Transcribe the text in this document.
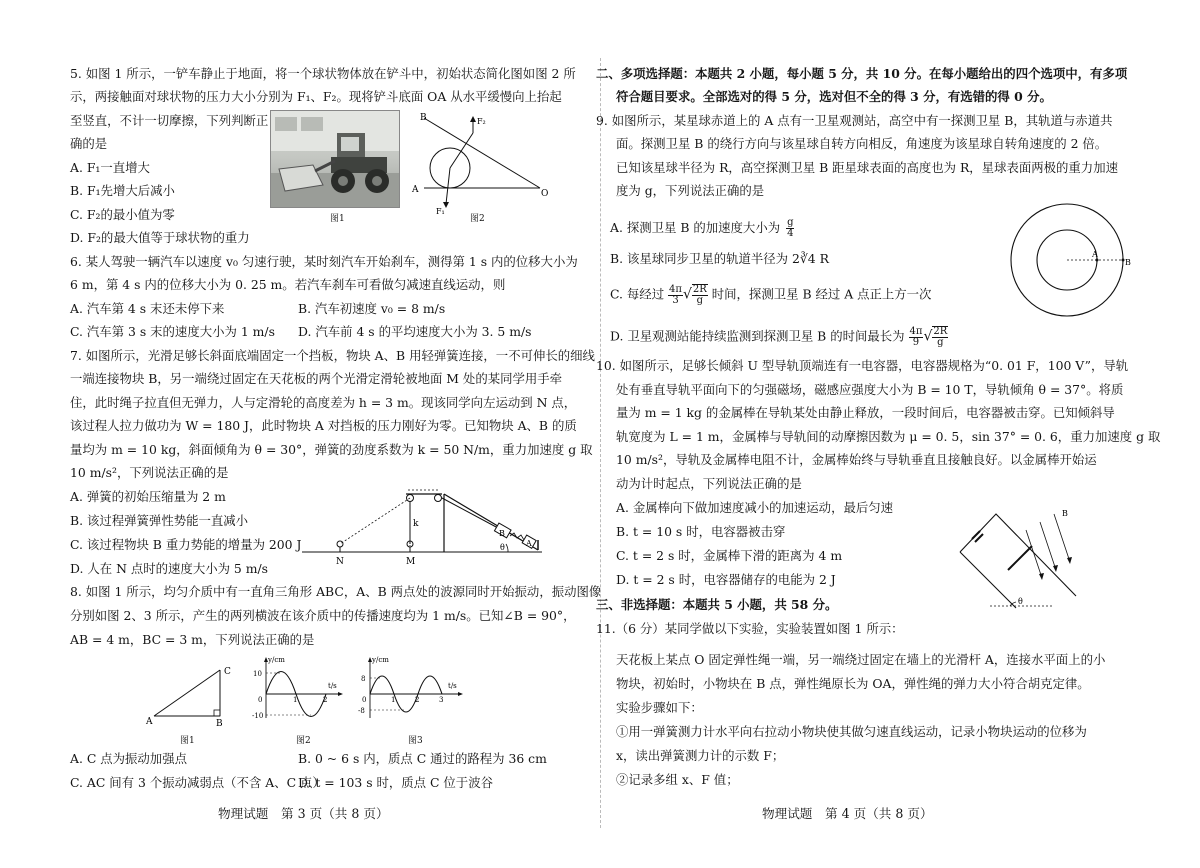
5. 如图 1 所示，一铲车静止于地面，将一个球状物体放在铲斗中，初始状态简化图如图 2 所
示，两接触面对球状物的压力大小分别为 F₁、F₂。现将铲斗底面 OA 从水平缓慢向上抬起
至竖直，不计一切摩擦，下列判断正
确的是
A. F₁一直增大
B. F₁先增大后减小
C. F₂的最小值为零
D. F₂的最大值等于球状物的重力
图1
B
A	O
F₂
F₁
图2
6. 某人驾驶一辆汽车以速度 v₀ 匀速行驶，某时刻汽车开始刹车，测得第 1 s 内的位移大小为
6 m，第 4 s 内的位移大小为 0. 25 m。若汽车刹车可看做匀减速直线运动，则
A. 汽车第 4 s 末还未停下来	B. 汽车初速度 v₀ = 8 m/s
C. 汽车第 3 s 末的速度大小为 1 m/s D. 汽车前 4 s 的平均速度大小为 3. 5 m/s
7. 如图所示，光滑足够长斜面底端固定一个挡板，物块 A、B 用轻弹簧连接，一不可伸长的细线
一端连接物块 B，另一端绕过固定在天花板的两个光滑定滑轮被地面 M 处的某同学用手牵
住，此时绳子拉直但无弹力，人与定滑轮的高度差为 h = 3 m。现该同学向左运动到 N 点，
该过程人拉力做功为 W = 180 J，此时物块 A 对挡板的压力刚好为零。已知物块 A、B 的质
量均为 m = 10 kg，斜面倾角为 θ = 30°，弹簧的劲度系数为 k = 50 N/m，重力加速度 g 取
10 m/s²，下列说法正确的是
A. 弹簧的初始压缩量为 2 m
B. 该过程弹簧弹性势能一直减小
C. 该过程物块 B 重力势能的增量为 200 J
D. 人在 N 点时的速度大小为 5 m/s	N	M
k
B
A
θ
8. 如图 1 所示，均匀介质中有一直角三角形 ABC，A、B 两点处的波源同时开始振动，振动图像
分别如图 2、3 所示，产生的两列横波在该介质中的传播速度均为 1 m/s。已知∠B = 90°，
AB = 4 m，BC = 3 m，下列说法正确的是
A	B
C
图1
y/cm
t/s
10
-10
0	1	2
图2
y/cm
t/s
8
-8
0	1	2	3
图3
A. C 点为振动加强点	B. 0 ~ 6 s 内，质点 C 通过的路程为 36 cm
C. AC 间有 3 个振动减弱点（不含 A、C 点）
D. t = 103 s 时，质点 C 位于波谷
物理试题　第 3 页（共 8 页）
二、多项选择题：本题共 2 小题，每小题 5 分，共 10 分。在每小题给出的四个选项中，有多项
符合题目要求。全部选对的得 5 分，选对但不全的得 3 分，有选错的得 0 分。
9. 如图所示，某星球赤道上的 A 点有一卫星观测站，高空中有一探测卫星 B，其轨道与赤道共
面。探测卫星 B 的绕行方向与该星球自转方向相反，角速度为该星球自转角速度的 2 倍。
已知该星球半径为 R，高空探测卫星 B 距星球表面的高度也为 R，星球表面两极的重力加速
度为 g，下列说法正确的是
A. 探测卫星 B 的加速度大小为 $\frac{g}{4}$
B. 该星球同步卫星的轨道半径为 2∛4 R
C. 每经过 $\frac{4\pi}{3}$ √ $\frac{2R}{g}$ 时间，探测卫星 B 经过 A 点正上方一次
D. 卫星观测站能持续监测到探测卫星 B 的时间最长为 $\frac{4\pi}{9}$ √ $\frac{2R}{g}$
A
B
10. 如图所示，足够长倾斜 U 型导轨顶端连有一电容器，电容器规格为“0. 01 F，100 V”，导轨
处有垂直导轨平面向下的匀强磁场，磁感应强度大小为 B = 10 T，导轨倾角 θ = 37°。将质
量为 m = 1 kg 的金属棒在导轨某处由静止释放，一段时间后，电容器被击穿。已知倾斜导
轨宽度为 L = 1 m，金属棒与导轨间的动摩擦因数为 μ = 0. 5，sin 37° = 0. 6，重力加速度 g 取
10 m/s²，导轨及金属棒电阻不计，金属棒始终与导轨垂直且接触良好。以金属棒开始运
动为计时起点，下列说法正确的是
A. 金属棒向下做加速度减小的加速运动，最后匀速
B. t = 10 s 时，电容器被击穿
C. t = 2 s 时，金属棒下滑的距离为 4 m
D. t = 2 s 时，电容器储存的电能为 2 J
B
θ
三、非选择题：本题共 5 小题，共 58 分。
11.（6 分）某同学做以下实验，实验装置如图 1 所示：
天花板上某点 O 固定弹性绳一端，另一端绕过固定在墙上的光滑杆 A，连接水平面上的小
物块，初始时，小物块在 B 点，弹性绳原长为 OA，弹性绳的弹力大小符合胡克定律。
实验步骤如下：
①用一弹簧测力计水平向右拉动小物块使其做匀速直线运动，记录小物块运动的位移为
x，读出弹簧测力计的示数 F；
②记录多组 x、F 值；
物理试题　第 4 页（共 8 页）
